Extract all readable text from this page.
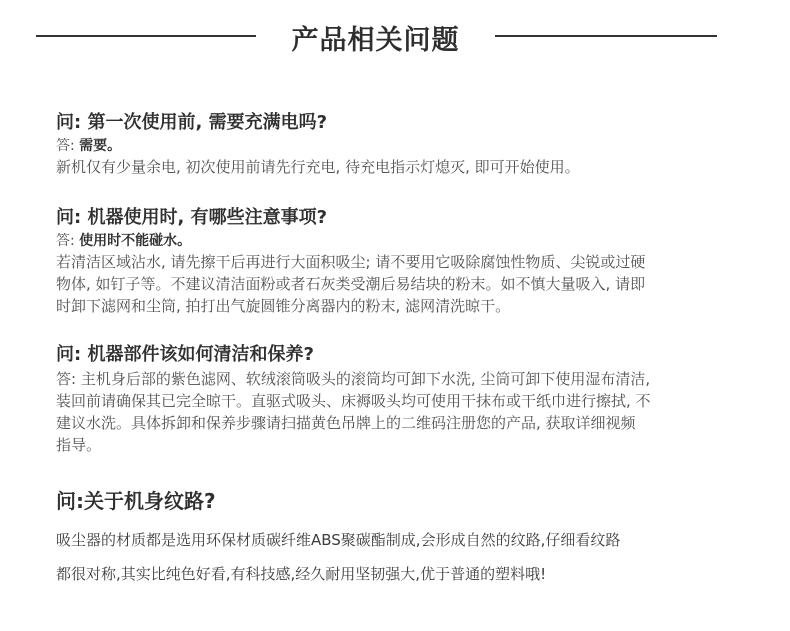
产品相关问题
问: 第一次使用前, 需要充满电吗?
答: 需要。
新机仅有少量余电, 初次使用前请先行充电, 待充电指示灯熄灭, 即可开始使用。
问: 机器使用时, 有哪些注意事项?
答: 使用时不能碰水。
若清洁区域沾水, 请先擦干后再进行大面积吸尘; 请不要用它吸除腐蚀性物质、尖锐或过硬
物体, 如钉子等。不建议清洁面粉或者石灰类受潮后易结块的粉末。如不慎大量吸入, 请即
时卸下滤网和尘筒, 拍打出气旋圆锥分离器内的粉末, 滤网清洗晾干。
问: 机器部件该如何清洁和保养?
答: 主机身后部的紫色滤网、软绒滚筒吸头的滚筒均可卸下水洗, 尘筒可卸下使用湿布清洁,
装回前请确保其已完全晾干。直驱式吸头、床褥吸头均可使用干抹布或干纸巾进行擦拭, 不
建议水洗。具体拆卸和保养步骤请扫描黄色吊牌上的二维码注册您的产品, 获取详细视频
指导。
问:关于机身纹路?
吸尘器的材质都是选用环保材质碳纤维ABS聚碳酯制成,会形成自然的纹路,仔细看纹路
都很对称,其实比纯色好看,有科技感,经久耐用坚韧强大,优于普通的塑料哦!
